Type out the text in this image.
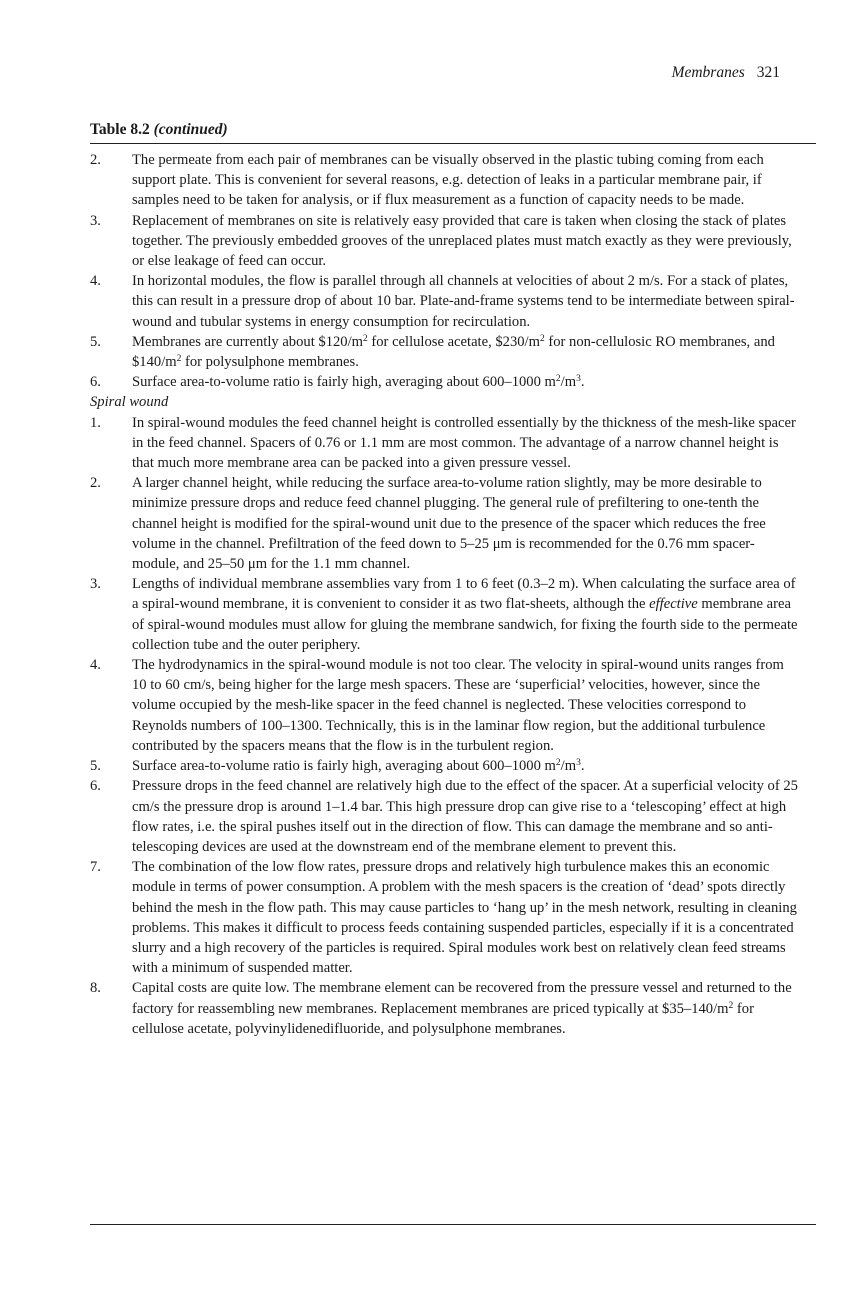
Membranes 321
Table 8.2 (continued)
2.	The permeate from each pair of membranes can be visually observed in the plastic tubing coming from each support plate. This is convenient for several reasons, e.g. detection of leaks in a particular membrane pair, if samples need to be taken for analysis, or if flux measurement as a function of capacity needs to be made.

3.	Replacement of membranes on site is relatively easy provided that care is taken when closing the stack of plates together. The previously embedded grooves of the unreplaced plates must match exactly as they were previously, or else leakage of feed can occur.

4.	In horizontal modules, the flow is parallel through all channels at velocities of about 2 m/s. For a stack of plates, this can result in a pressure drop of about 10 bar. Plate-and-frame systems tend to be intermediate between spiral-wound and tubular systems in energy consumption for recirculation.

5.	Membranes are currently about $\$120/m^2$ for cellulose acetate, $\$230/m^2$ for non-cellulosic RO membranes, and $\$140/m^2$ for polysulphone membranes.

6.	Surface area-to-volume ratio is fairly high, averaging about 600–1000 $m^2/m^3$.

Spiral wound

1.	In spiral-wound modules the feed channel height is controlled essentially by the thickness of the mesh-like spacer in the feed channel. Spacers of 0.76 or 1.1 mm are most common. The advantage of a narrow channel height is that much more membrane area can be packed into a given pressure vessel.

2.	A larger channel height, while reducing the surface area-to-volume ration slightly, may be more desirable to minimize pressure drops and reduce feed channel plugging. The general rule of prefiltering to one-tenth the channel height is modified for the spiral-wound unit due to the presence of the spacer which reduces the free volume in the channel. Prefiltration of the feed down to 5–25 μm is recommended for the 0.76 mm spacer-module, and 25–50 μm for the 1.1 mm channel.

3.	Lengths of individual membrane assemblies vary from 1 to 6 feet (0.3–2 m). When calculating the surface area of a spiral-wound membrane, it is convenient to consider it as two flat-sheets, although the effective membrane area of spiral-wound modules must allow for gluing the membrane sandwich, for fixing the fourth side to the permeate collection tube and the outer periphery.

4.	The hydrodynamics in the spiral-wound module is not too clear. The velocity in spiral-wound units ranges from 10 to 60 cm/s, being higher for the large mesh spacers. These are ‘superficial’ velocities, however, since the volume occupied by the mesh-like spacer in the feed channel is neglected. These velocities correspond to Reynolds numbers of 100–1300. Technically, this is in the laminar flow region, but the additional turbulence contributed by the spacers means that the flow is in the turbulent region.

5.	Surface area-to-volume ratio is fairly high, averaging about 600–1000 $m^2/m^3$.

6.	Pressure drops in the feed channel are relatively high due to the effect of the spacer. At a superficial velocity of 25 cm/s the pressure drop is around 1–1.4 bar. This high pressure drop can give rise to a ‘telescoping’ effect at high flow rates, i.e. the spiral pushes itself out in the direction of flow. This can damage the membrane and so anti-telescoping devices are used at the downstream end of the membrane element to prevent this.

7.	The combination of the low flow rates, pressure drops and relatively high turbulence makes this an economic module in terms of power consumption. A problem with the mesh spacers is the creation of ‘dead’ spots directly behind the mesh in the flow path. This may cause particles to ‘hang up’ in the mesh network, resulting in cleaning problems. This makes it difficult to process feeds containing suspended particles, especially if it is a concentrated slurry and a high recovery of the particles is required. Spiral modules work best on relatively clean feed streams with a minimum of suspended matter.

8.	Capital costs are quite low. The membrane element can be recovered from the pressure vessel and returned to the factory for reassembling new membranes. Replacement membranes are priced typically at $\$35-140/m^2$ for cellulose acetate, polyvinylidenedifluoride, and polysulphone membranes.
